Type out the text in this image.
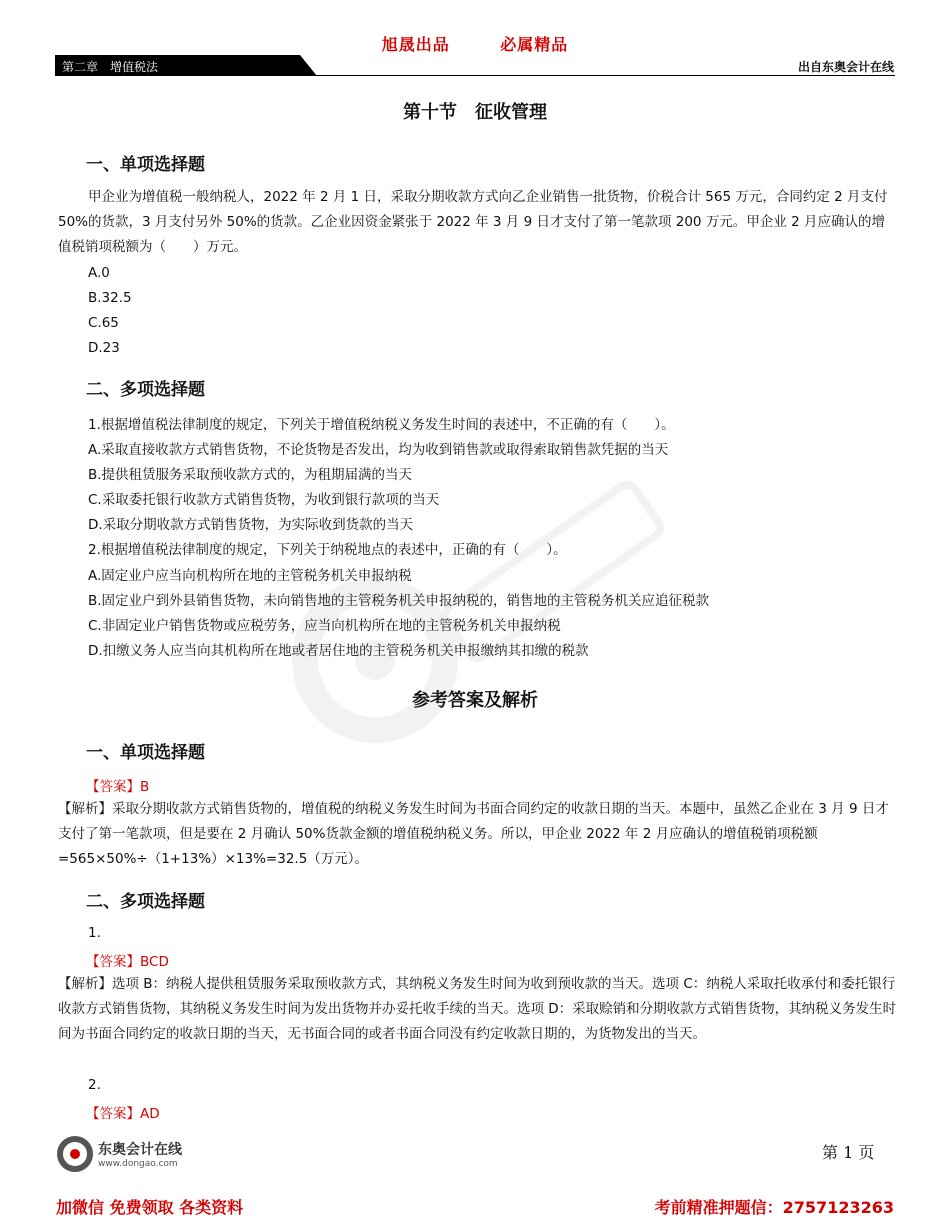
旭晟出品	必属精品
第二章　增值税法	出自东奥会计在线
第十节　征收管理
一、单项选择题
甲企业为增值税一般纳税人，2022 年 2 月 1 日，采取分期收款方式向乙企业销售一批货物，价税合计 565 万元，合同约定 2 月支付 50%的货款，3 月支付另外 50%的货款。乙企业因资金紧张于 2022 年 3 月 9 日才支付了第一笔款项 200 万元。甲企业 2 月应确认的增值税销项税额为（　　）万元。
A.0
B.32.5
C.65
D.23
二、多项选择题
1.根据增值税法律制度的规定，下列关于增值税纳税义务发生时间的表述中，不正确的有（　　）。
A.采取直接收款方式销售货物，不论货物是否发出，均为收到销售款或取得索取销售款凭据的当天
B.提供租赁服务采取预收款方式的，为租期届满的当天
C.采取委托银行收款方式销售货物，为收到银行款项的当天
D.采取分期收款方式销售货物，为实际收到货款的当天
2.根据增值税法律制度的规定，下列关于纳税地点的表述中，正确的有（　　）。
A.固定业户应当向机构所在地的主管税务机关申报纳税
B.固定业户到外县销售货物，未向销售地的主管税务机关申报纳税的，销售地的主管税务机关应追征税款
C.非固定业户销售货物或应税劳务，应当向机构所在地的主管税务机关申报纳税
D.扣缴义务人应当向其机构所在地或者居住地的主管税务机关申报缴纳其扣缴的税款
参考答案及解析
一、单项选择题
【答案】B
【解析】采取分期收款方式销售货物的，增值税的纳税义务发生时间为书面合同约定的收款日期的当天。本题中，虽然乙企业在 3 月 9 日才支付了第一笔款项，但是要在 2 月确认 50%货款金额的增值税纳税义务。所以，甲企业 2022 年 2 月应确认的增值税销项税额=565×50%÷（1+13%）×13%=32.5（万元）。
二、多项选择题
1.
【答案】BCD
【解析】选项 B：纳税人提供租赁服务采取预收款方式，其纳税义务发生时间为收到预收款的当天。选项 C：纳税人采取托收承付和委托银行收款方式销售货物，其纳税义务发生时间为发出货物并办妥托收手续的当天。选项 D：采取赊销和分期收款方式销售货物，其纳税义务发生时间为书面合同约定的收款日期的当天，无书面合同的或者书面合同没有约定收款日期的，为货物发出的当天。
2.
【答案】AD
东奥会计在线
www.dongao.com
第 1 页
加微信 免费领取 各类资料	考前精准押题信：2757123263
